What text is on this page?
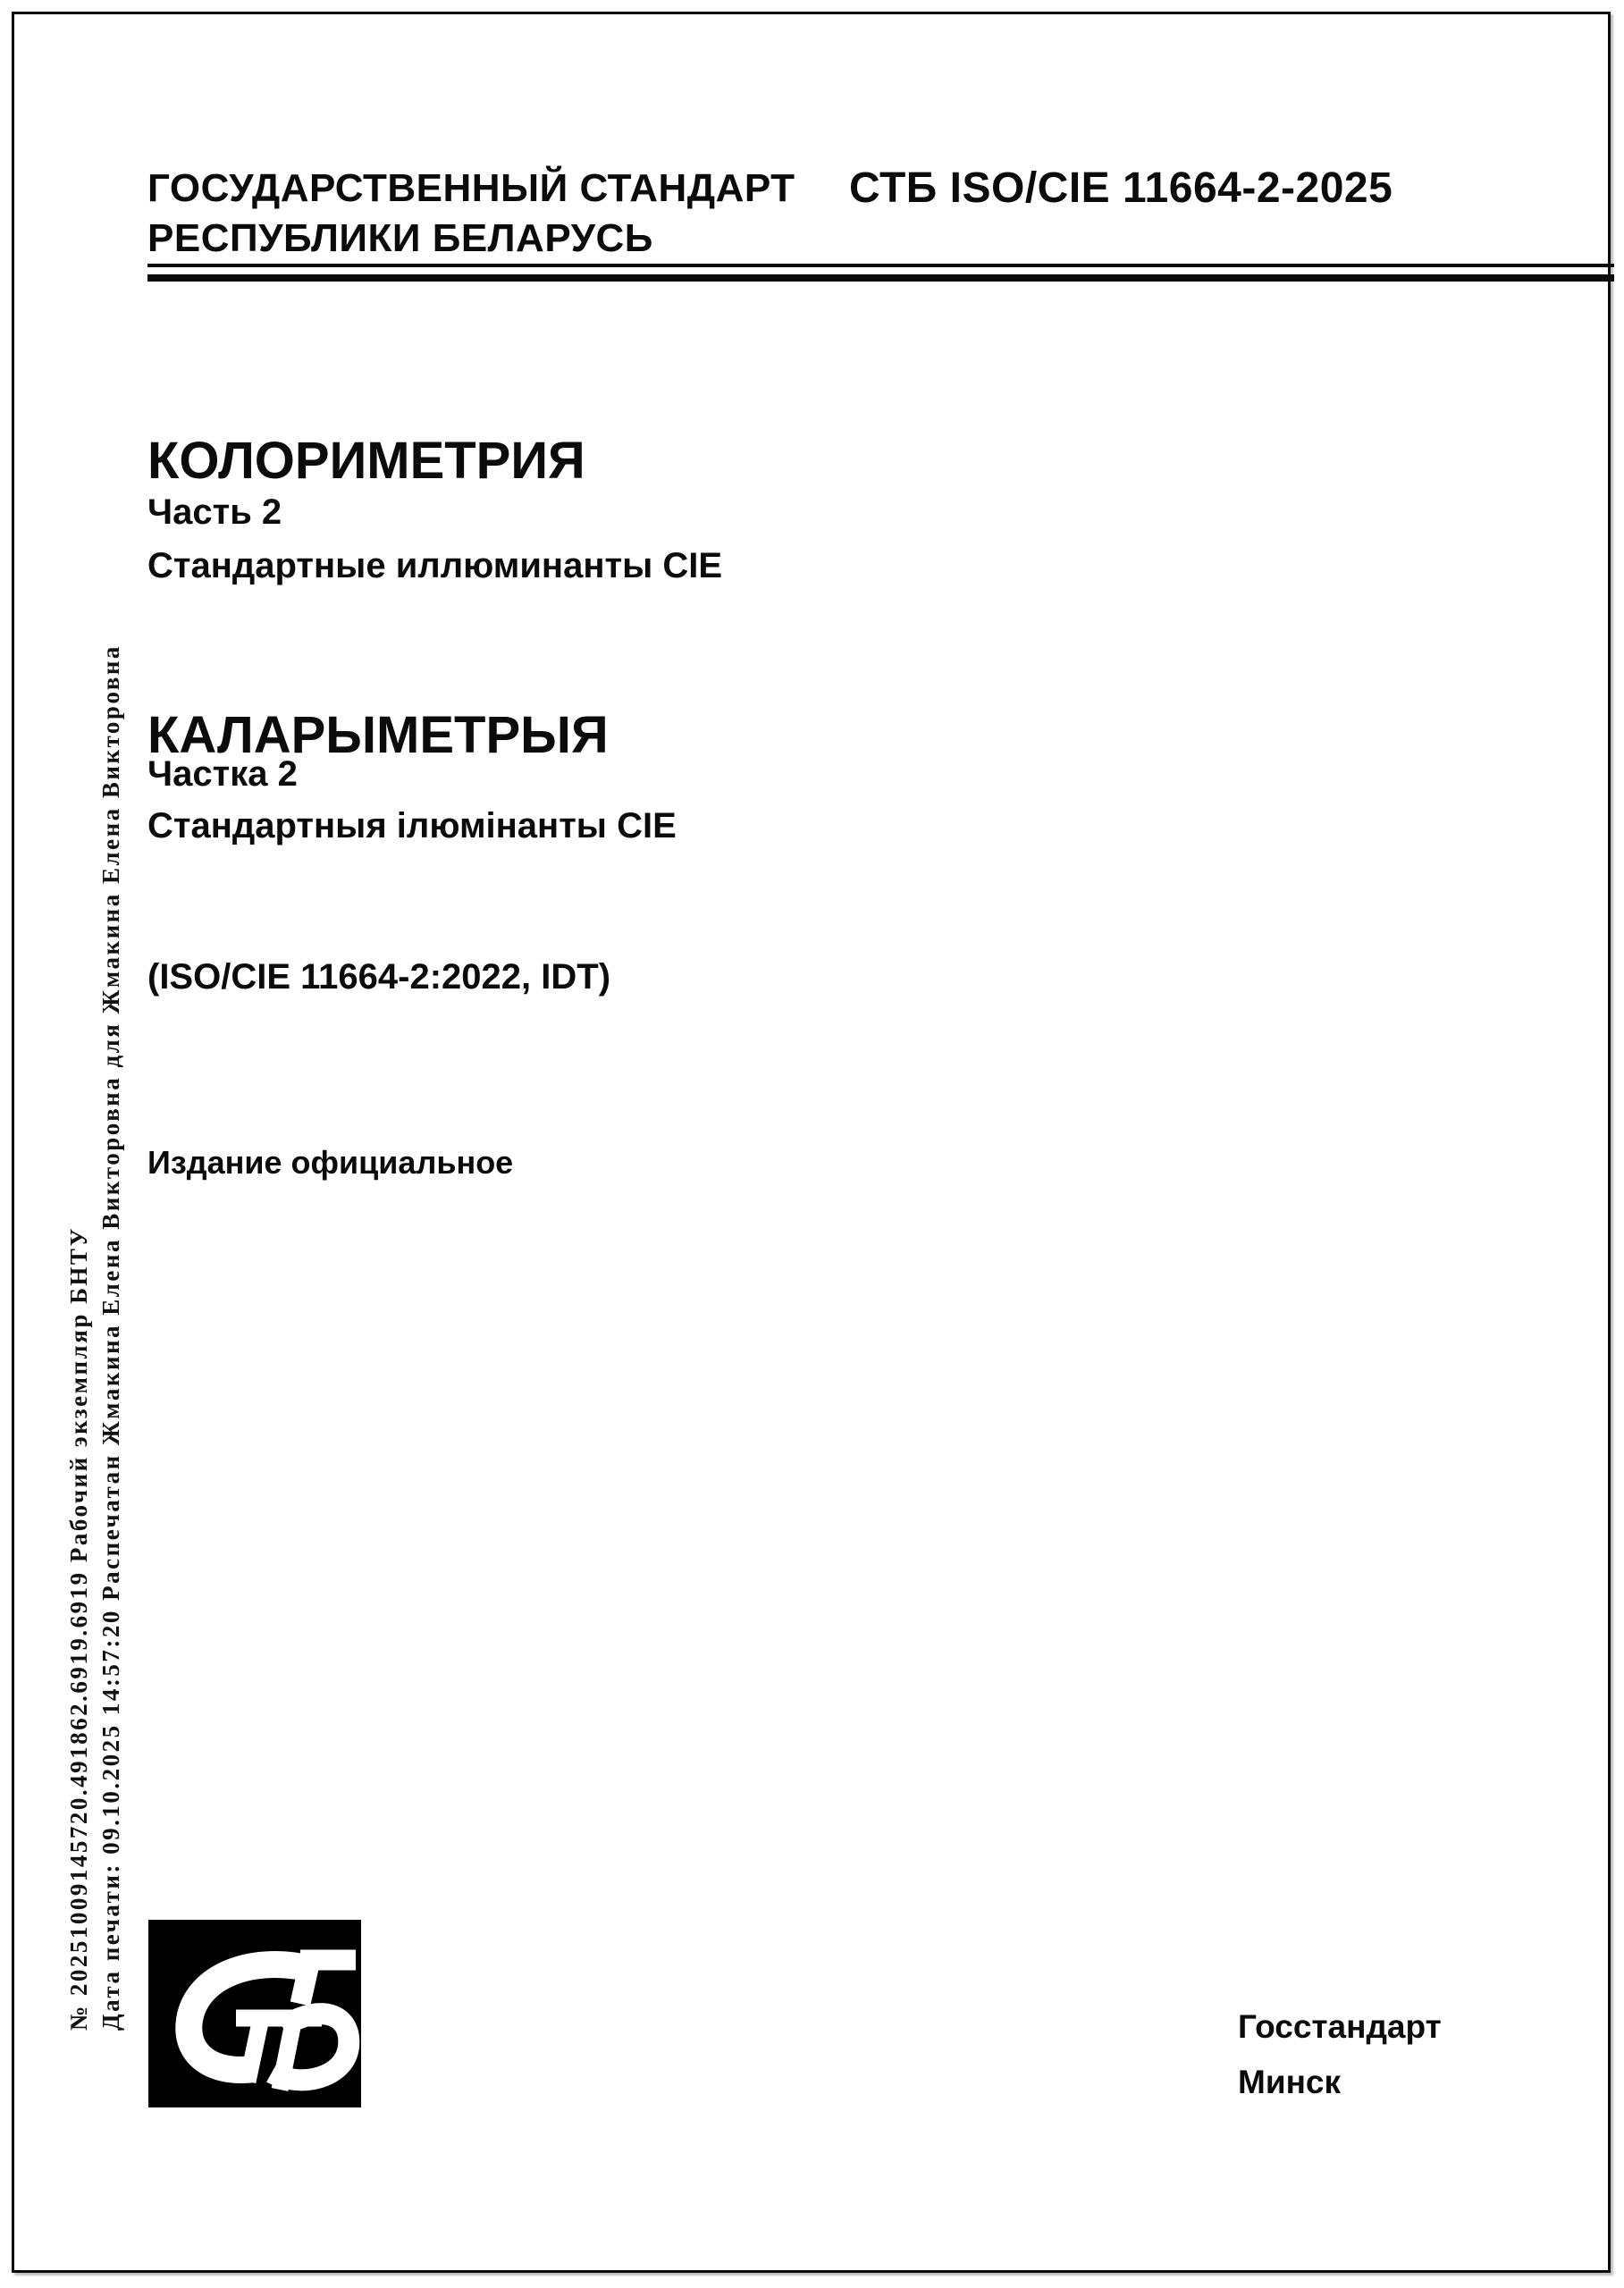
ГОСУДАРСТВЕННЫЙ СТАНДАРТ
РЕСПУБЛИКИ БЕЛАРУСЬ
СТБ ISO/CIE 11664-2-2025
КОЛОРИМЕТРИЯ
Часть 2
Стандартные иллюминанты CIE
КАЛАРЫМЕТРЫЯ
Частка 2
Стандартныя ілюмінанты CIE
(ISO/CIE 11664-2:2022, IDT)
Издание официальное
№ 20251009145720.491862.6919.6919 Рабочий экземпляр БНТУ Дата печати: 09.10.2025 14:57:20 Распечатан Жмакина Елена Викторовна для Жмакина Елена Викторовна	Госстандарт
Минск
